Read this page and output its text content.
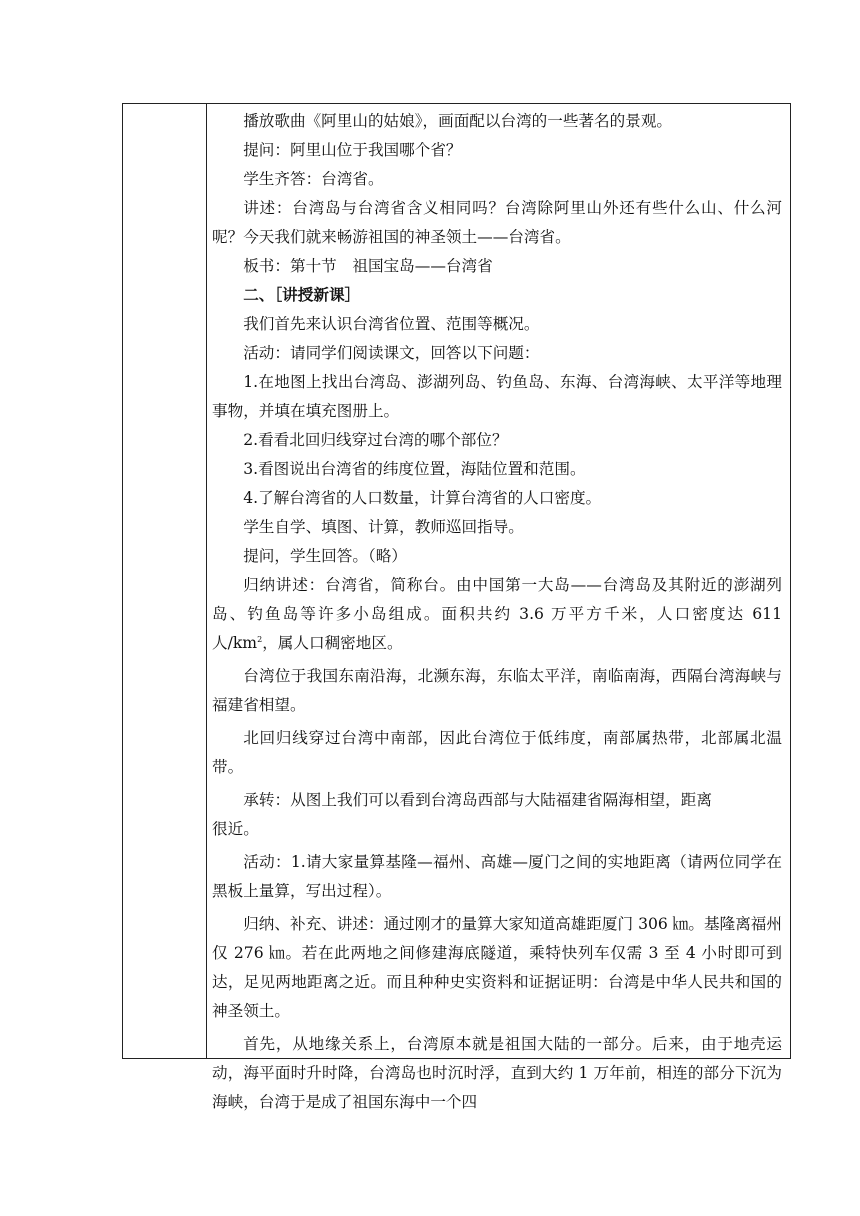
播放歌曲《阿里山的姑娘》，画面配以台湾的一些著名的景观。

提问：阿里山位于我国哪个省？

学生齐答：台湾省。

讲述：台湾岛与台湾省含义相同吗？台湾除阿里山外还有些什么山、什么河呢？今天我们就来畅游祖国的神圣领土——台湾省。

板书：第十节　祖国宝岛——台湾省

二、［讲授新课］

我们首先来认识台湾省位置、范围等概况。

活动：请同学们阅读课文，回答以下问题：

1.在地图上找出台湾岛、澎湖列岛、钓鱼岛、东海、台湾海峡、太平洋等地理事物，并填在填充图册上。

2.看看北回归线穿过台湾的哪个部位？

3.看图说出台湾省的纬度位置，海陆位置和范围。

4.了解台湾省的人口数量，计算台湾省的人口密度。

学生自学、填图、计算，教师巡回指导。

提问，学生回答。（略）

归纳讲述：台湾省，简称台。由中国第一大岛——台湾岛及其附近的澎湖列岛、钓鱼岛等许多小岛组成。面积共约 3.6 万平方千米，人口密度达 611 人$/km^2$，属人口稠密地区。

台湾位于我国东南沿海，北濒东海，东临太平洋，南临南海，西隔台湾海峡与福建省相望。

北回归线穿过台湾中南部，因此台湾位于低纬度，南部属热带，北部属北温带。

承转：从图上我们可以看到台湾岛西部与大陆福建省隔海相望，距离很近。

活动：1.请大家量算基隆—福州、高雄—厦门之间的实地距离（请两位同学在黑板上量算，写出过程）。

归纳、补充、讲述：通过刚才的量算大家知道高雄距厦门 306 ㎞。基隆离福州仅 276 ㎞。若在此两地之间修建海底隧道，乘特快列车仅需 3 至 4 小时即可到达，足见两地距离之近。而且种种史实资料和证据证明：台湾是中华人民共和国的神圣领土。

首先，从地缘关系上，台湾原本就是祖国大陆的一部分。后来，由于地壳运动，海平面时升时降，台湾岛也时沉时浮，直到大约 1 万年前，相连的部分下沉为海峡，台湾于是成了祖国东海中一个四
